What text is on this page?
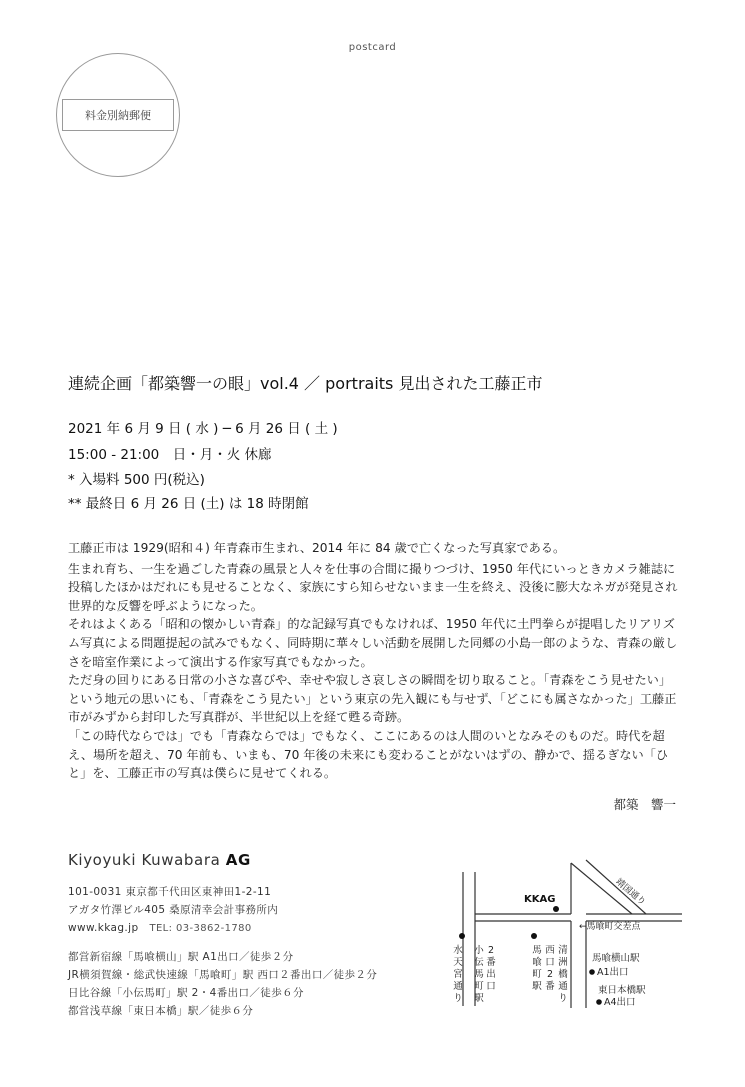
postcard
料金別納郵便
連続企画「都築響一の眼」vol.4 ／ portraits 見出された工藤正市
2021 年 6 月 9 日 ( 水 ) ─ 6 月 26 日 ( 土 )
15:00 - 21:00　日・月・火 休廊
* 入場料 500 円(税込)
** 最終日 6 月 26 日 (土) は 18 時閉館

工藤正市は 1929(昭和４) 年青森市生まれ、2014 年に 84 歳で亡くなった写真家である。

生まれ育ち、一生を過ごした青森の風景と人々を仕事の合間に撮りつづけ、1950 年代にいっときカメラ雑誌に投稿したほかはだれにも見せることなく、家族にすら知らせないまま一生を終え、没後に膨大なネガが発見され世界的な反響を呼ぶようになった。

それはよくある「昭和の懐かしい青森」的な記録写真でもなければ、1950 年代に土門拳らが提唱したリアリズム写真による問題提起の試みでもなく、同時期に華々しい活動を展開した同郷の小島一郎のような、青森の厳しさを暗室作業によって演出する作家写真でもなかった。

ただ身の回りにある日常の小さな喜びや、幸せや寂しさ哀しさの瞬間を切り取ること。「青森をこう見せたい」という地元の思いにも、「青森をこう見たい」という東京の先入観にも与せず、「どこにも属さなかった」工藤正市がみずから封印した写真群が、半世紀以上を経て甦る奇跡。

「この時代ならでは」でも「青森ならでは」でもなく、ここにあるのは人間のいとなみそのものだ。時代を超え、場所を超え、70 年前も、いまも、70 年後の未来にも変わることがないはずの、静かで、揺るぎない「ひと」を、工藤正市の写真は僕らに見せてくれる。

都築　響一
Kiyoyuki Kuwabara AG
101-0031 東京都千代田区東神田1-2-11
アガタ竹澤ビル405 桑原清幸会計事務所内
www.kkag.jp　 TEL: 03-3862-1780
都営新宿線「馬喰横山」駅 A1出口／徒歩２分
JR横須賀線・総武快速線「馬喰町」駅 西口２番出口／徒歩２分
日比谷線「小伝馬町」駅 2・4番出口／徒歩６分
都営浅草線「東日本橋」駅／徒歩６分
靖国通り
KKAG
←馬喰町交差点
水天宮通り
小伝馬町駅
2 番出口
馬喰町駅
西口 2 番
清洲橋通り
馬喰横山駅
A1出口
東日本橋駅
A4出口
